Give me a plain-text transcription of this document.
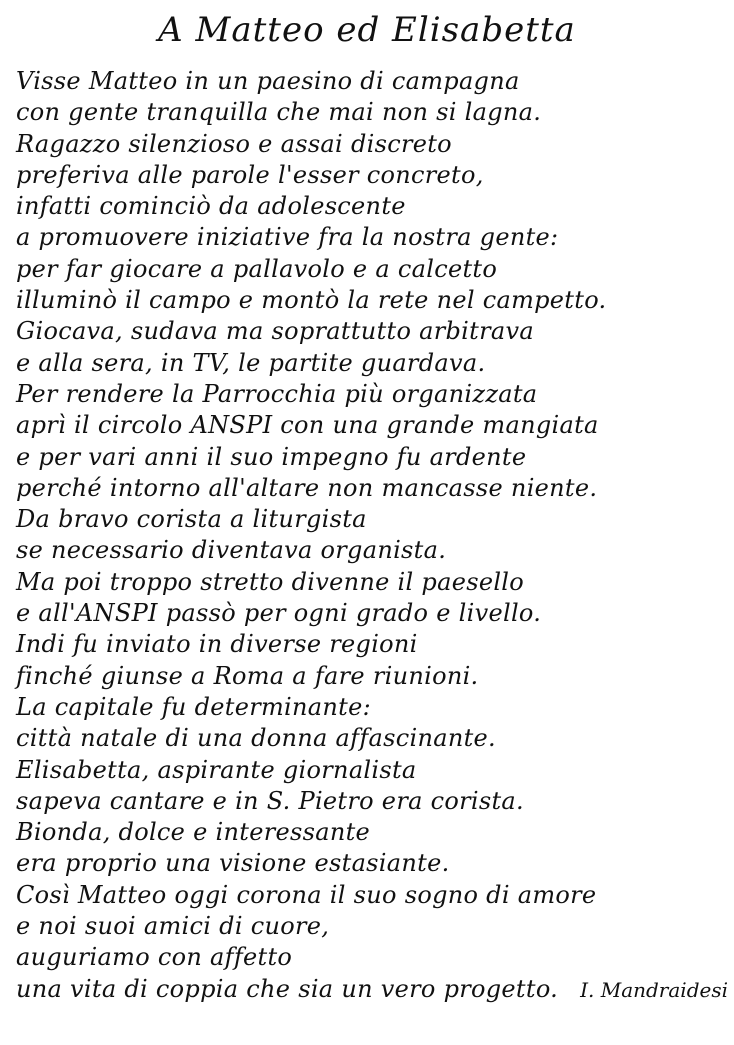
A Matteo ed Elisabetta
Visse Matteo in un paesino di campagna
con gente tranquilla che mai non si lagna.
Ragazzo silenzioso e assai discreto
preferiva alle parole l'esser concreto,
infatti cominciò da adolescente
a promuovere iniziative fra la nostra gente:
per far giocare a pallavolo e a calcetto
illuminò il campo e montò la rete nel campetto.
Giocava, sudava ma soprattutto arbitrava
e alla sera, in TV, le partite guardava.
Per rendere la Parrocchia più organizzata
aprì il circolo ANSPI con una grande mangiata
e per vari anni il suo impegno fu ardente
perché intorno all'altare non mancasse niente.
Da bravo corista a liturgista
se necessario diventava organista.
Ma poi troppo stretto divenne il paesello
e all'ANSPI passò per ogni grado e livello.
Indi fu inviato in diverse regioni
finché giunse a Roma a fare riunioni.
La capitale fu determinante:
città natale di una donna affascinante.
Elisabetta, aspirante giornalista
sapeva cantare e in S. Pietro era corista.
Bionda, dolce e interessante
era proprio una visione estasiante.
Così Matteo oggi corona il suo sogno di amore
e noi suoi amici di cuore,
auguriamo con affetto
una vita di coppia che sia un vero progetto. I. Mandraidesi
